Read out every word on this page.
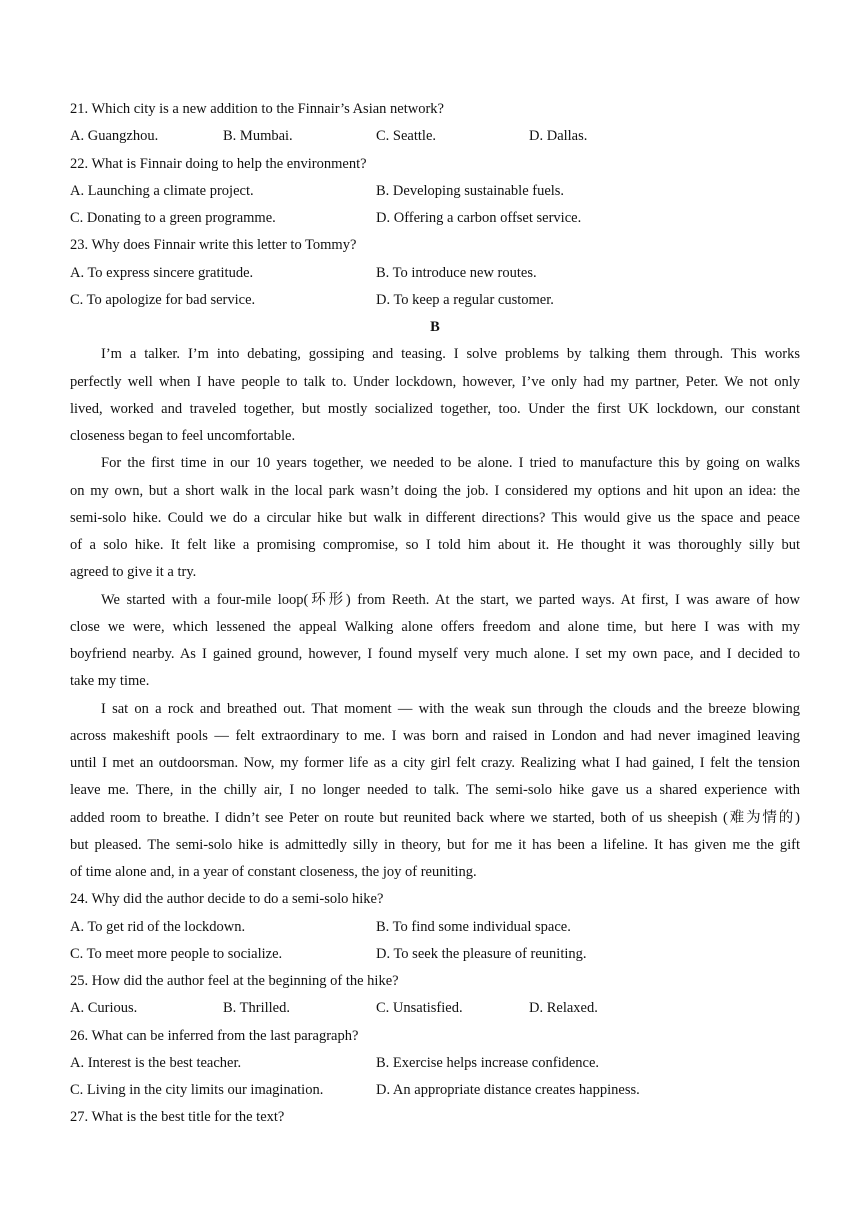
21. Which city is a new addition to the Finnair’s Asian network?
A. Guangzhou.	B. Mumbai.	C. Seattle.	D. Dallas.
22. What is Finnair doing to help the environment?
A. Launching a climate project.	B. Developing sustainable fuels.
C. Donating to a green programme.	D. Offering a carbon offset service.
23. Why does Finnair write this letter to Tommy?
A. To express sincere gratitude.	B. To introduce new routes.
C. To apologize for bad service.	D. To keep a regular customer.
B
I’m a talker. I’m into debating, gossiping and teasing. I solve problems by talking them through. This works
perfectly well when I have people to talk to. Under lockdown, however, I’ve only had my partner, Peter. We not only
lived, worked and traveled together, but mostly socialized together, too. Under the first UK lockdown, our constant
closeness began to feel uncomfortable.
For the first time in our 10 years together, we needed to be alone. I tried to manufacture this by going on walks
on my own, but a short walk in the local park wasn’t doing the job. I considered my options and hit upon an idea: the
semi-solo hike. Could we do a circular hike but walk in different directions? This would give us the space and peace
of a solo hike. It felt like a promising compromise, so I told him about it. He thought it was thoroughly silly but
agreed to give it a try.
We started with a four-mile loop(环形) from Reeth. At the start, we parted ways. At first, I was aware of how
close we were, which lessened the appeal Walking alone offers freedom and alone time, but here I was with my
boyfriend nearby. As I gained ground, however, I found myself very much alone. I set my own pace, and I decided to
take my time.
I sat on a rock and breathed out. That moment — with the weak sun through the clouds and the breeze blowing
across makeshift pools — felt extraordinary to me. I was born and raised in London and had never imagined leaving
until I met an outdoorsman. Now, my former life as a city girl felt crazy. Realizing what I had gained, I felt the tension
leave me. There, in the chilly air, I no longer needed to talk. The semi-solo hike gave us a shared experience with
added room to breathe. I didn’t see Peter on route but reunited back where we started, both of us sheepish (难为情的)
but pleased. The semi-solo hike is admittedly silly in theory, but for me it has been a lifeline. It has given me the gift
of time alone and, in a year of constant closeness, the joy of reuniting.
24. Why did the author decide to do a semi-solo hike?
A. To get rid of the lockdown.	B. To find some individual space.
C. To meet more people to socialize.	D. To seek the pleasure of reuniting.
25. How did the author feel at the beginning of the hike?
A. Curious.	B. Thrilled.	C. Unsatisfied.	D. Relaxed.
26. What can be inferred from the last paragraph?
A. Interest is the best teacher.	B. Exercise helps increase confidence.
C. Living in the city limits our imagination.	D. An appropriate distance creates happiness.
27. What is the best title for the text?
